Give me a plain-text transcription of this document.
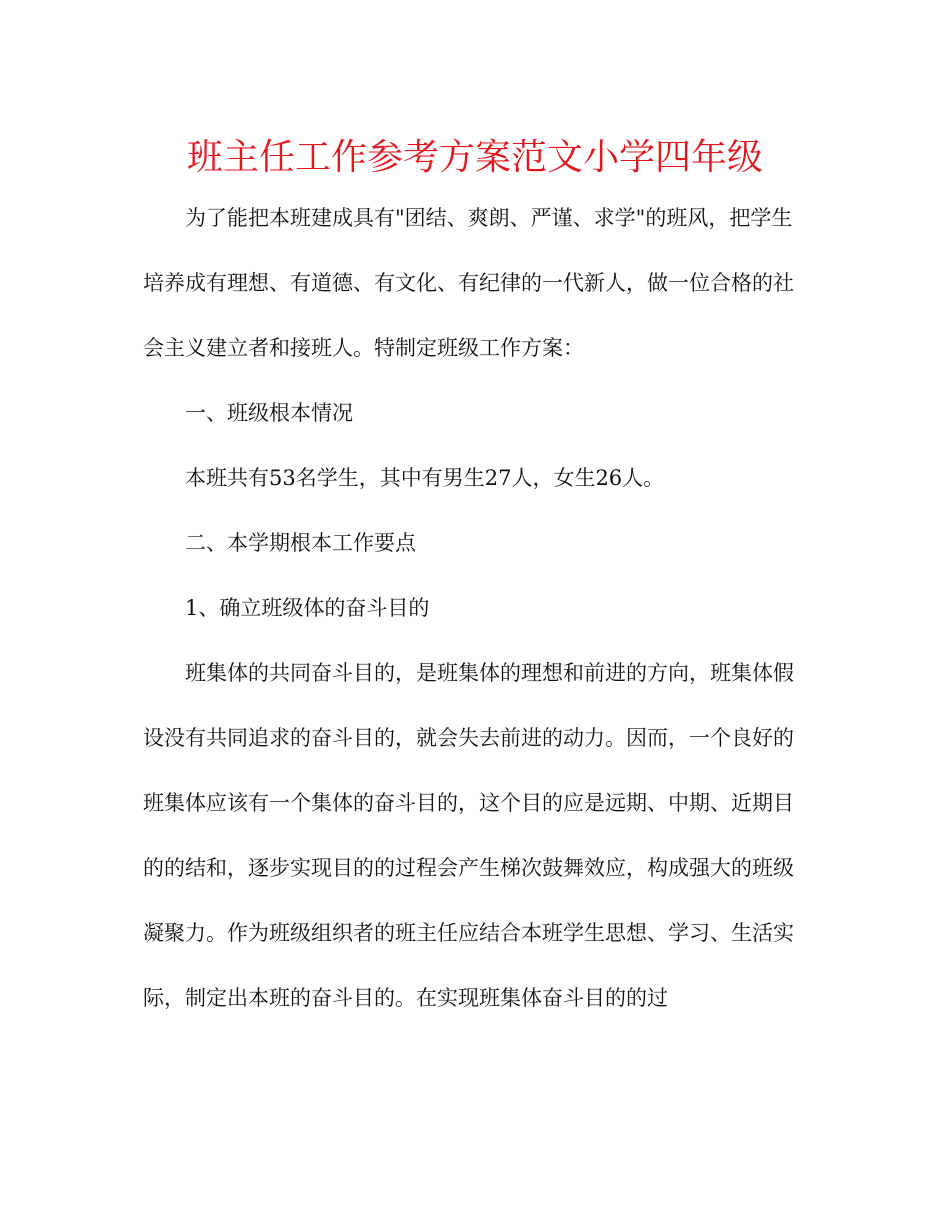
班主任工作参考方案范文小学四年级

为了能把本班建成具有"团结、爽朗、严谨、求学"的班风，把学生培养成有理想、有道德、有文化、有纪律的一代新人，做一位合格的社会主义建立者和接班人。特制定班级工作方案：

一、班级根本情况

本班共有53名学生，其中有男生27人，女生26人。

二、本学期根本工作要点

1、确立班级体的奋斗目的

班集体的共同奋斗目的，是班集体的理想和前进的方向，班集体假设没有共同追求的奋斗目的，就会失去前进的动力。因而，一个良好的班集体应该有一个集体的奋斗目的，这个目的应是远期、中期、近期目的的结和，逐步实现目的的过程会产生梯次鼓舞效应，构成强大的班级凝聚力。作为班级组织者的班主任应结合本班学生思想、学习、生活实际，制定出本班的奋斗目的。在实现班集体奋斗目的的过
